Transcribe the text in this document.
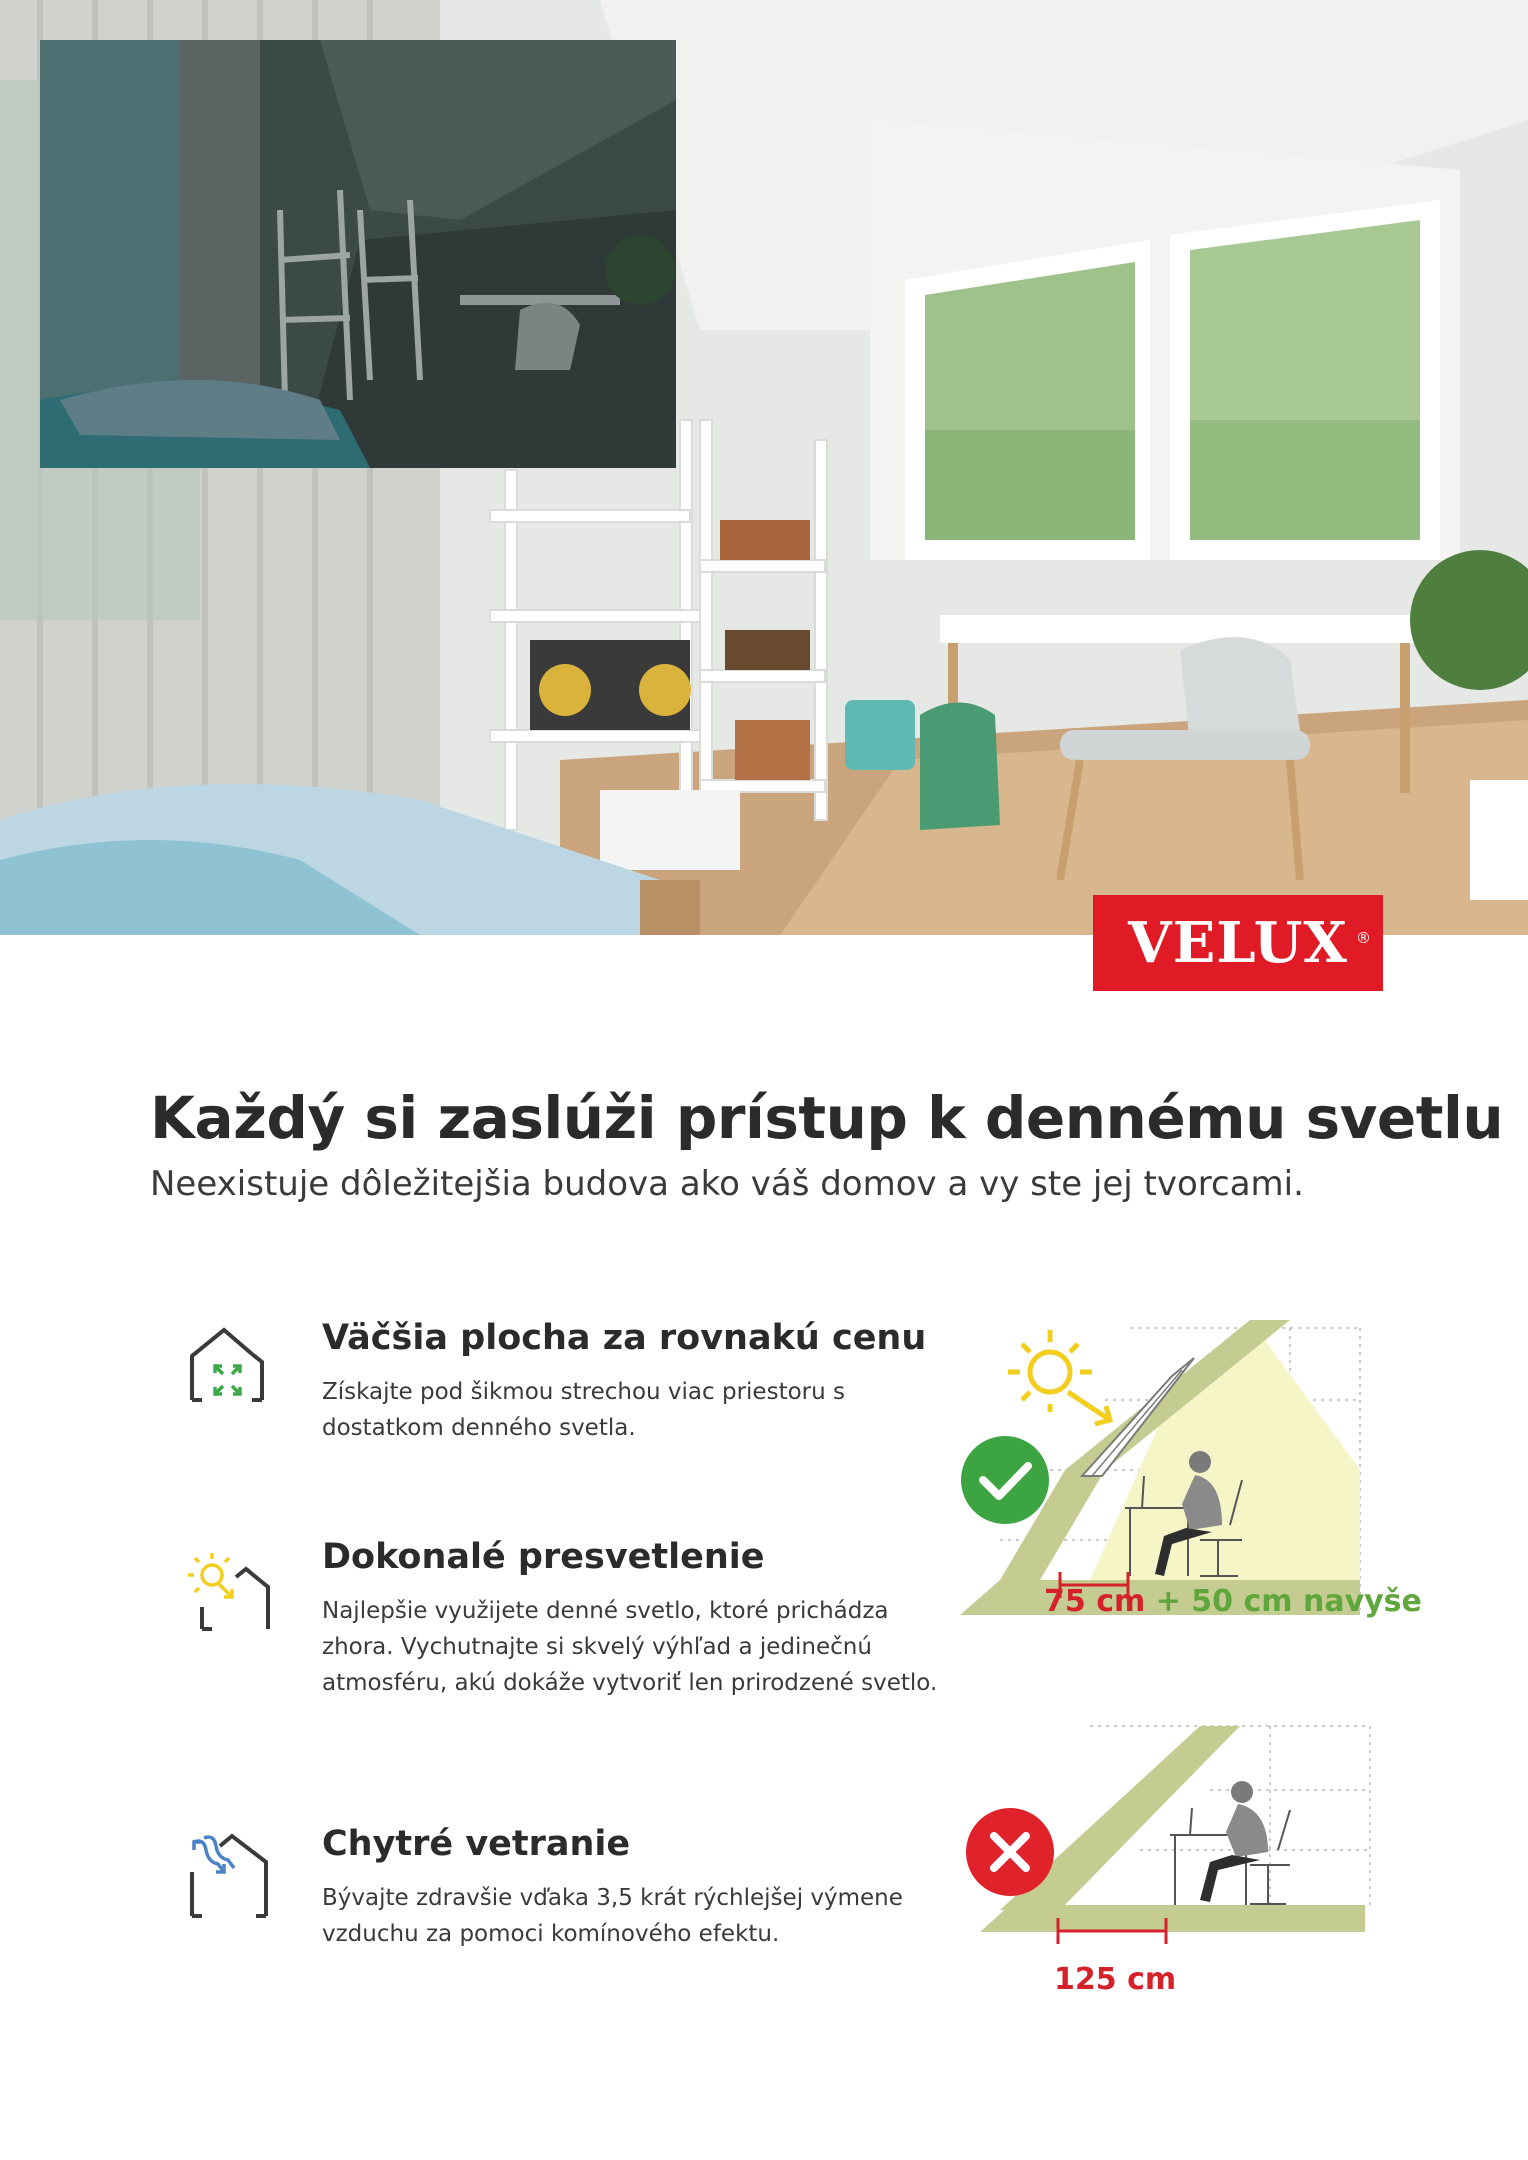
VELUX ®
Každý si zaslúži prístup k dennému svetlu

Neexistuje dôležitejšia budova ako váš domov a vy ste jej tvorcami.

Väčšia plocha za rovnakú cenu
Získajte pod šikmou strechou viac priestoru s dostatkom denného svetla.
Dokonalé presvetlenie
Najlepšie využijete denné svetlo, ktoré prichádza zhora. Vychutnajte si skvelý výhľad a jedinečnú atmosféru, akú dokáže vytvoriť len prirodzené svetlo.
Chytré vetranie
Bývajte zdravšie vďaka 3,5 krát rýchlejšej výmene vzduchu za pomoci komínového efektu.
75 cm + 50 cm navyše
125 cm
